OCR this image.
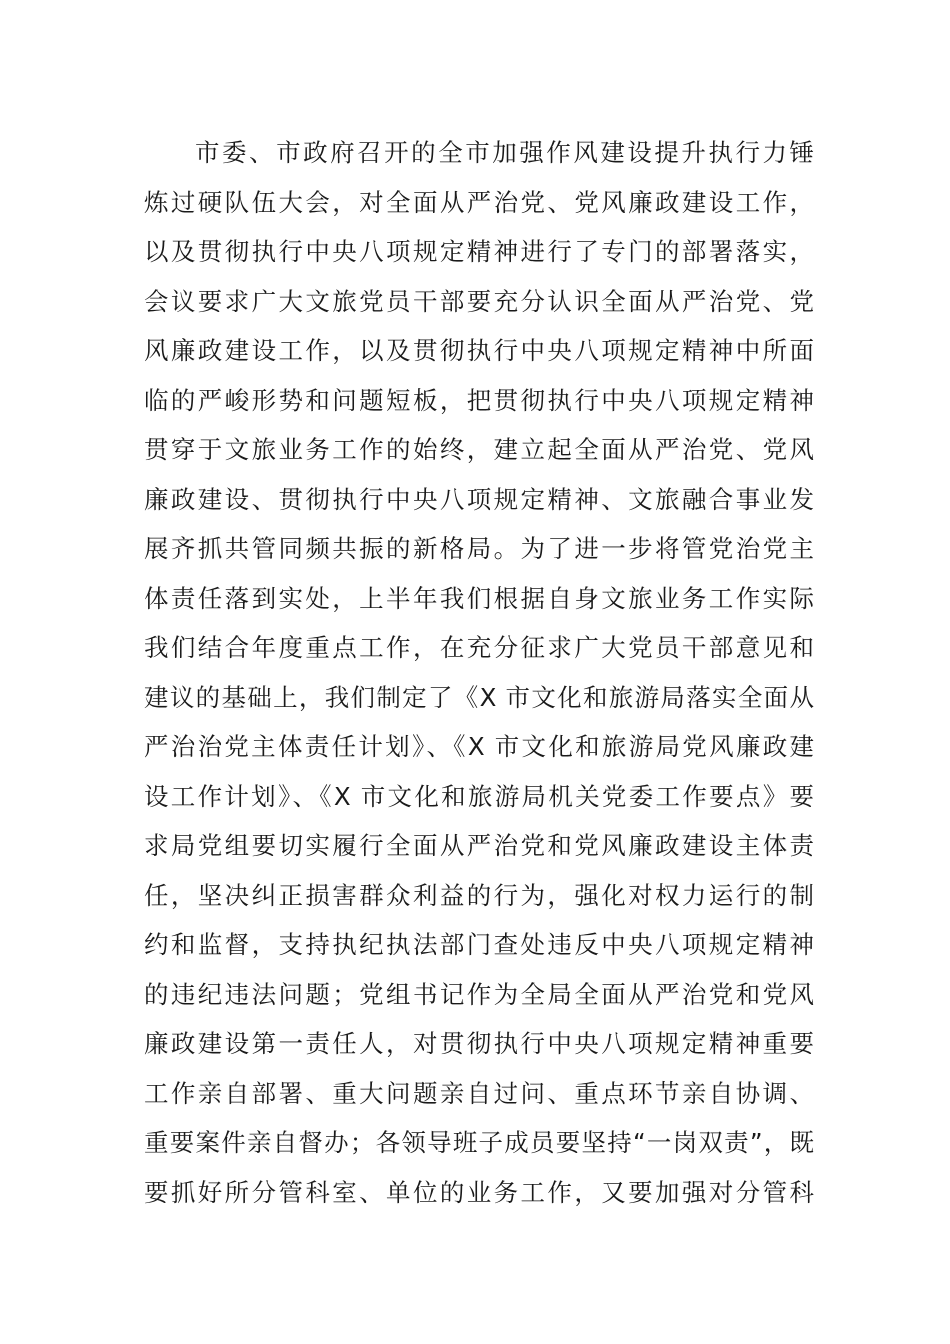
市委、市政府召开的全市加强作风建设提升执行力锤
炼过硬队伍大会，对全面从严治党、党风廉政建设工作，
以及贯彻执行中央八项规定精神进行了专门的部署落实，
会议要求广大文旅党员干部要充分认识全面从严治党、党
风廉政建设工作，以及贯彻执行中央八项规定精神中所面
临的严峻形势和问题短板，把贯彻执行中央八项规定精神
贯穿于文旅业务工作的始终，建立起全面从严治党、党风
廉政建设、贯彻执行中央八项规定精神、文旅融合事业发
展齐抓共管同频共振的新格局。为了进一步将管党治党主
体责任落到实处，上半年我们根据自身文旅业务工作实际
我们结合年度重点工作，在充分征求广大党员干部意见和
建议的基础上，我们制定了《X 市文化和旅游局落实全面从
严治治党主体责任计划》、《X 市文化和旅游局党风廉政建
设工作计划》、《X 市文化和旅游局机关党委工作要点》要
求局党组要切实履行全面从严治党和党风廉政建设主体责
任，坚决纠正损害群众利益的行为，强化对权力运行的制
约和监督，支持执纪执法部门查处违反中央八项规定精神
的违纪违法问题；党组书记作为全局全面从严治党和党风
廉政建设第一责任人，对贯彻执行中央八项规定精神重要
工作亲自部署、重大问题亲自过问、重点环节亲自协调、
重要案件亲自督办；各领导班子成员要坚持“一岗双责”，既
要抓好所分管科室、单位的业务工作，又要加强对分管科
